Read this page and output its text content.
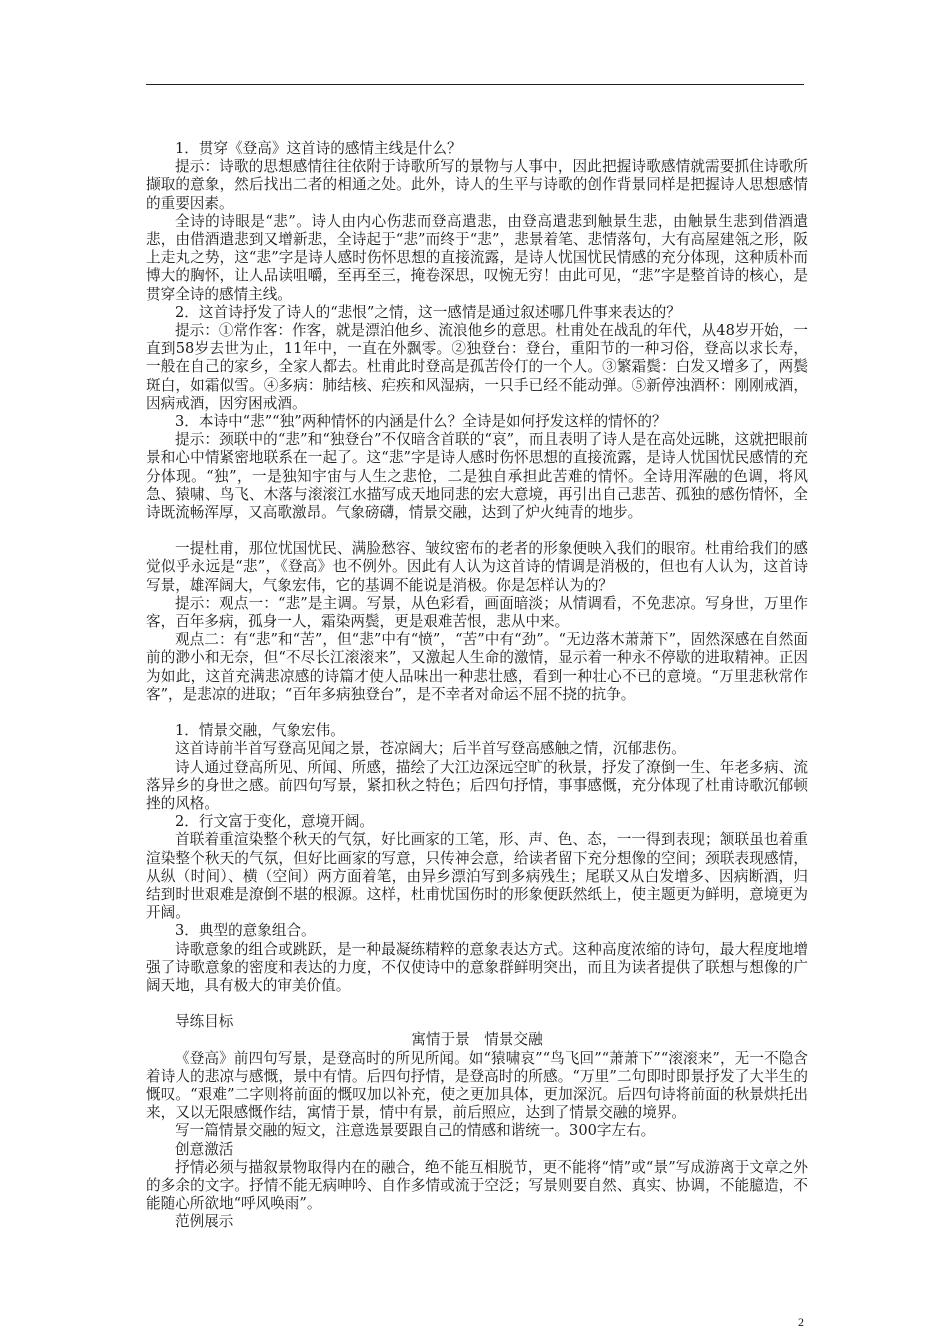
1．贯穿《登高》这首诗的感情主线是什么？

提示：诗歌的思想感情往往依附于诗歌所写的景物与人事中，因此把握诗歌感情就需要抓住诗歌所撷取的意象，然后找出二者的相通之处。此外，诗人的生平与诗歌的创作背景同样是把握诗人思想感情的重要因素。

全诗的诗眼是“悲”。诗人由内心伤悲而登高遣悲，由登高遣悲到触景生悲，由触景生悲到借酒遣悲，由借酒遣悲到又增新悲，全诗起于“悲”而终于“悲”，悲景着笔、悲情落句，大有高屋建瓴之形，阪上走丸之势，这“悲”字是诗人感时伤怀思想的直接流露，是诗人忧国忧民情感的充分体现，这种质朴而博大的胸怀，让人品读咀嚼，至再至三，掩卷深思，叹惋无穷！由此可见，“悲”字是整首诗的核心，是贯穿全诗的感情主线。

2．这首诗抒发了诗人的“悲恨”之情，这一感情是通过叙述哪几件事来表达的？

提示：①常作客：作客，就是漂泊他乡、流浪他乡的意思。杜甫处在战乱的年代，从48岁开始，一直到58岁去世为止，11年中，一直在外飘零。②独登台：登台，重阳节的一种习俗，登高以求长寿，一般在自己的家乡，全家人都去。杜甫此时登高是孤苦伶仃的一个人。③繁霜鬓：白发又增多了，两鬓斑白，如霜似雪。④多病：肺结核、疟疾和风湿病，一只手已经不能动弹。⑤新停浊酒杯：刚刚戒酒，因病戒酒，因穷困戒酒。

3．本诗中“悲”“独”两种情怀的内涵是什么？全诗是如何抒发这样的情怀的？

提示：颈联中的“悲”和“独登台”不仅暗含首联的“哀”，而且表明了诗人是在高处远眺，这就把眼前景和心中情紧密地联系在一起了。这“悲”字是诗人感时伤怀思想的直接流露，是诗人忧国忧民感情的充分体现。“独”，一是独知宇宙与人生之悲怆，二是独自承担此苦难的情怀。全诗用浑融的色调，将风急、猿啸、鸟飞、木落与滚滚江水描写成天地同悲的宏大意境，再引出自己悲苦、孤独的感伤情怀，全诗既流畅浑厚，又高歌激昂。气象磅礴，情景交融，达到了炉火纯青的地步。

一提杜甫，那位忧国忧民、满脸愁容、皱纹密布的老者的形象便映入我们的眼帘。杜甫给我们的感觉似乎永远是“悲”，《登高》也不例外。因此有人认为这首诗的情调是消极的，但也有人认为，这首诗写景，雄浑阔大，气象宏伟，它的基调不能说是消极。你是怎样认为的？

提示：观点一：“悲”是主调。写景，从色彩看，画面暗淡；从情调看，不免悲凉。写身世，万里作客，百年多病，孤身一人，霜染两鬓，更是艰难苦恨，悲从中来。

观点二：有“悲”和“苦”，但“悲”中有“愤”，“苦”中有“劲”。“无边落木萧萧下”，固然深感在自然面前的渺小和无奈，但“不尽长江滚滚来”，又激起人生命的激情，显示着一种永不停歇的进取精神。正因为如此，这首充满悲凉感的诗篇才使人品味出一种悲壮感，看到一种壮心不已的意境。“万里悲秋常作客”，是悲凉的进取；“百年多病独登台”，是不幸者对命运不屈不挠的抗争。

1．情景交融，气象宏伟。

这首诗前半首写登高见闻之景，苍凉阔大；后半首写登高感触之情，沉郁悲伤。

诗人通过登高所见、所闻、所感，描绘了大江边深远空旷的秋景，抒发了潦倒一生、年老多病、流落异乡的身世之感。前四句写景，紧扣秋之特色；后四句抒情，事事感慨，充分体现了杜甫诗歌沉郁顿挫的风格。

2．行文富于变化，意境开阔。

首联着重渲染整个秋天的气氛，好比画家的工笔，形、声、色、态，一一得到表现；颔联虽也着重渲染整个秋天的气氛，但好比画家的写意，只传神会意，给读者留下充分想像的空间；颈联表现感情，从纵（时间）、横（空间）两方面着笔，由异乡漂泊写到多病残生；尾联又从白发增多、因病断酒，归结到时世艰难是潦倒不堪的根源。这样，杜甫忧国伤时的形象便跃然纸上，使主题更为鲜明，意境更为开阔。

3．典型的意象组合。

诗歌意象的组合或跳跃，是一种最凝练精粹的意象表达方式。这种高度浓缩的诗句，最大程度地增强了诗歌意象的密度和表达的力度，不仅使诗中的意象群鲜明突出，而且为读者提供了联想与想像的广阔天地，具有极大的审美价值。

导练目标

寓情于景　情景交融

《登高》前四句写景，是登高时的所见所闻。如“猿啸哀”“鸟飞回”“萧萧下”“滚滚来”，无一不隐含着诗人的悲凉与感慨，景中有情。后四句抒情，是登高时的所感。“万里”二句即时即景抒发了大半生的慨叹。“艰难”二字则将前面的慨叹加以补充，使之更加具体，更加深沉。后四句诗将前面的秋景烘托出来，又以无限感慨作结，寓情于景，情中有景，前后照应，达到了情景交融的境界。

写一篇情景交融的短文，注意选景要跟自己的情感和谐统一。300字左右。

创意激活

抒情必须与描叙景物取得内在的融合，绝不能互相脱节，更不能将“情”或“景”写成游离于文章之外的多余的文字。抒情不能无病呻吟、自作多情或流于空泛；写景则要自然、真实、协调，不能臆造，不能随心所欲地“呼风唤雨”。

范例展示

2
